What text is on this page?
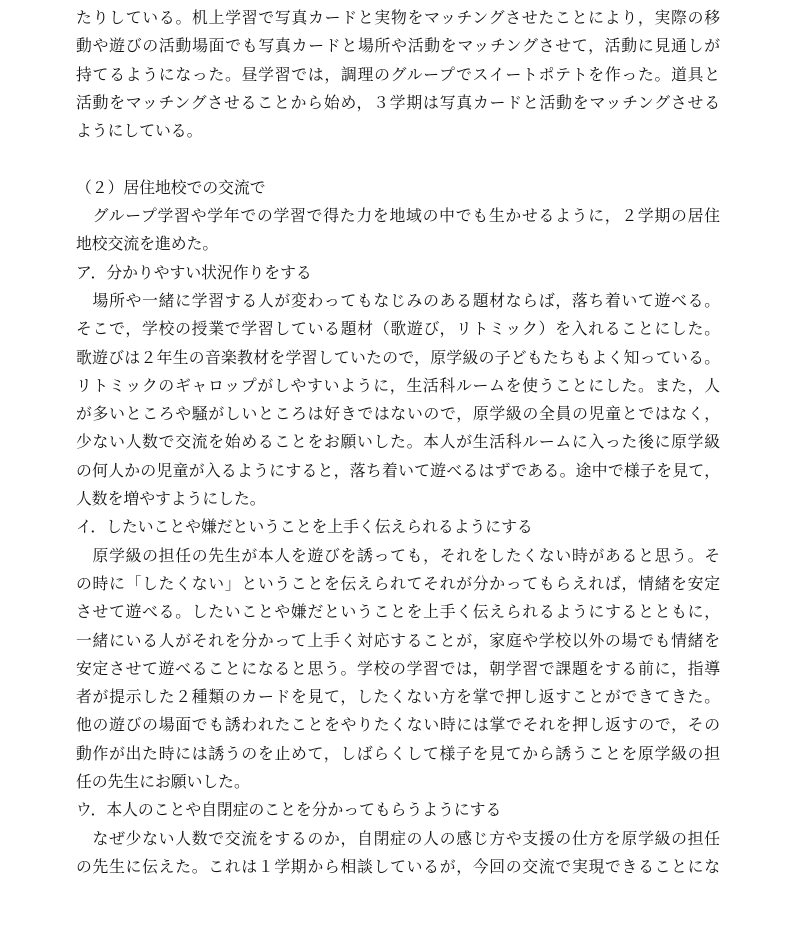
たりしている。机上学習で写真カードと実物をマッチングさせたことにより，実際の移
動や遊びの活動場面でも写真カードと場所や活動をマッチングさせて，活動に見通しが
持てるようになった。昼学習では，調理のグループでスイートポテトを作った。道具と
活動をマッチングさせることから始め，３学期は写真カードと活動をマッチングさせる
ようにしている。
（２）居住地校での交流で
　グループ学習や学年での学習で得た力を地域の中でも生かせるように，２学期の居住
地校交流を進めた。
ア．分かりやすい状況作りをする
　場所や一緒に学習する人が変わってもなじみのある題材ならば，落ち着いて遊べる。
そこで，学校の授業で学習している題材（歌遊び，リトミック）を入れることにした。
歌遊びは２年生の音楽教材を学習していたので，原学級の子どもたちもよく知っている。
リトミックのギャロップがしやすいように，生活科ルームを使うことにした。また，人
が多いところや騒がしいところは好きではないので，原学級の全員の児童とではなく，
少ない人数で交流を始めることをお願いした。本人が生活科ルームに入った後に原学級
の何人かの児童が入るようにすると，落ち着いて遊べるはずである。途中で様子を見て，
人数を増やすようにした。
イ．したいことや嫌だということを上手く伝えられるようにする
　原学級の担任の先生が本人を遊びを誘っても，それをしたくない時があると思う。そ
の時に「したくない」ということを伝えられてそれが分かってもらえれば，情緒を安定
させて遊べる。したいことや嫌だということを上手く伝えられるようにするとともに，
一緒にいる人がそれを分かって上手く対応することが，家庭や学校以外の場でも情緒を
安定させて遊べることになると思う。学校の学習では，朝学習で課題をする前に，指導
者が提示した２種類のカードを見て，したくない方を掌で押し返すことができてきた。
他の遊びの場面でも誘われたことをやりたくない時には掌でそれを押し返すので，その
動作が出た時には誘うのを止めて，しばらくして様子を見てから誘うことを原学級の担
任の先生にお願いした。
ウ．本人のことや自閉症のことを分かってもらうようにする
　なぜ少ない人数で交流をするのか，自閉症の人の感じ方や支援の仕方を原学級の担任
の先生に伝えた。これは１学期から相談しているが，今回の交流で実現できることにな
